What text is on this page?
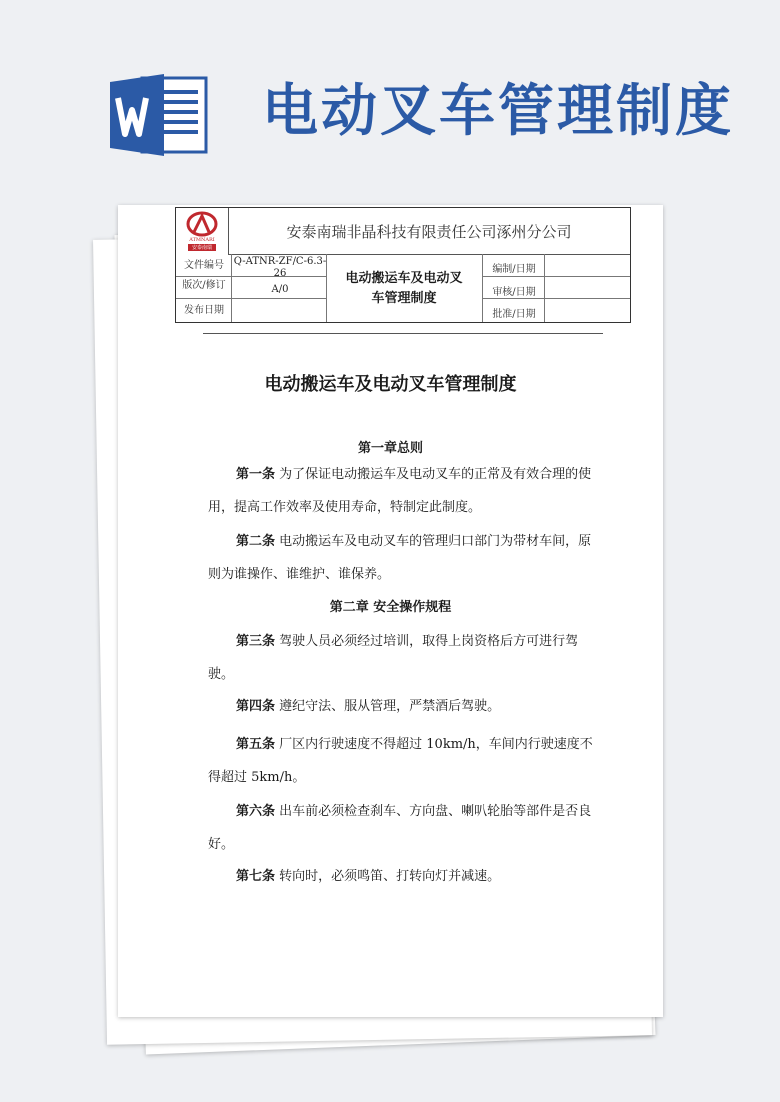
电动叉车管理制度
ATMNARI
安泰南瑞
安泰南瑞非晶科技有限责任公司涿州分公司
文件编号 Q-ATNR-ZF/C-6.3-26
版次/修订	A/0
发布日期
电动搬运车及电动叉
车管理制度
编制/日期
审核/日期
批准/日期
电动搬运车及电动叉车管理制度
第一章总则
第一条 为了保证电动搬运车及电动叉车的正常及有效合理的使用，提高工作效率及使用寿命，特制定此制度。
第二条 电动搬运车及电动叉车的管理归口部门为带材车间，原则为谁操作、谁维护、谁保养。
第二章 安全操作规程
第三条 驾驶人员必须经过培训，取得上岗资格后方可进行驾驶。
第四条 遵纪守法、服从管理，严禁酒后驾驶。
第五条 厂区内行驶速度不得超过 10km/h，车间内行驶速度不得超过 5km/h。
第六条 出车前必须检查刹车、方向盘、喇叭轮胎等部件是否良好。
第七条 转向时，必须鸣笛、打转向灯并减速。
